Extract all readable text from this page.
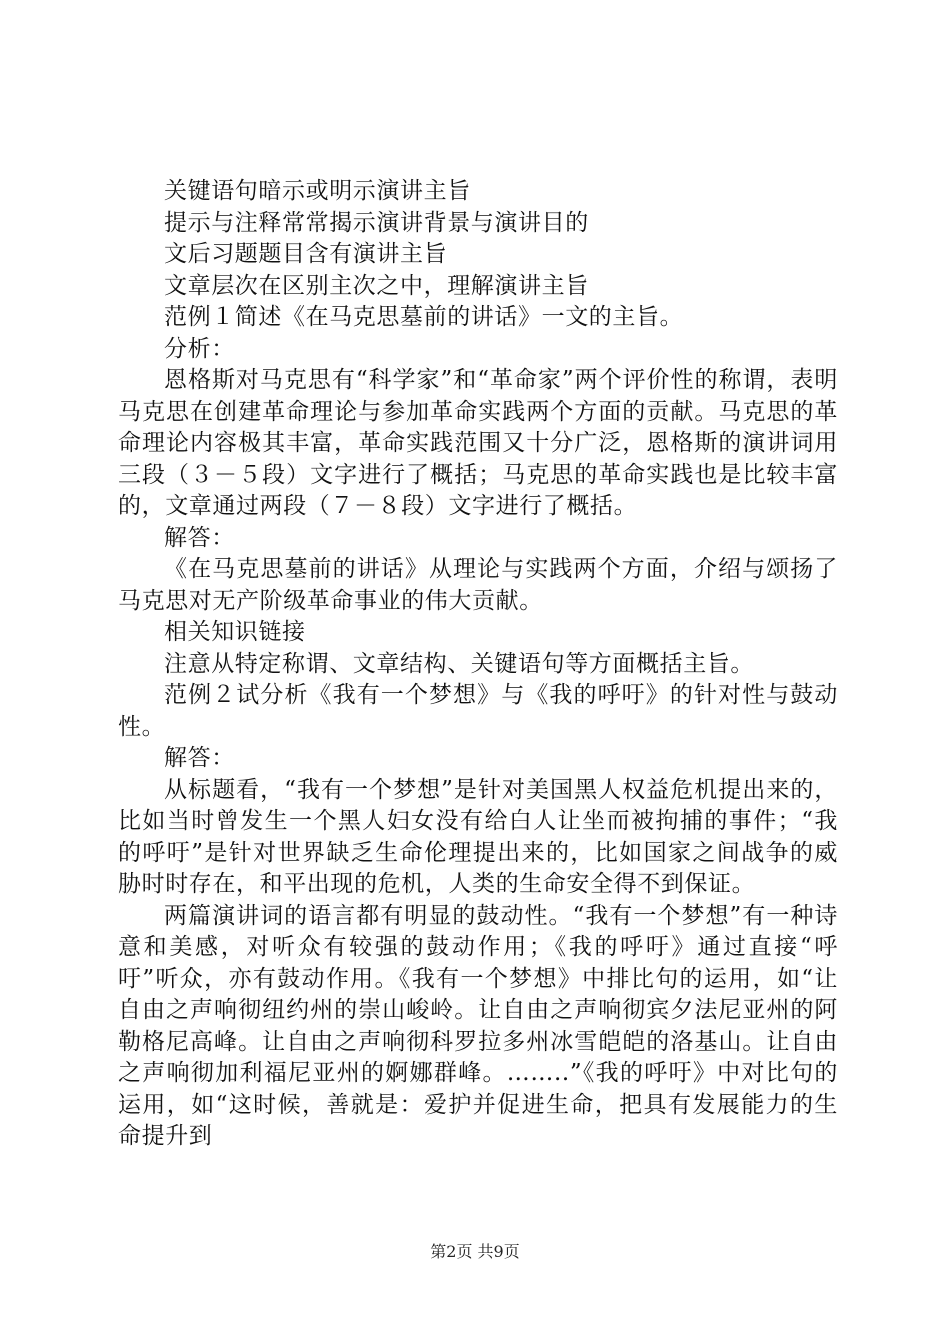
关键语句暗示或明示演讲主旨

提示与注释常常揭示演讲背景与演讲目的

文后习题题目含有演讲主旨

文章层次在区别主次之中，理解演讲主旨

范例１简述《在马克思墓前的讲话》一文的主旨。

分析：

恩格斯对马克思有“科学家”和“革命家”两个评价性的称谓，表明马克思在创建革命理论与参加革命实践两个方面的贡献。马克思的革命理论内容极其丰富，革命实践范围又十分广泛，恩格斯的演讲词用三段（３－５段）文字进行了概括；马克思的革命实践也是比较丰富的，文章通过两段（７－８段）文字进行了概括。

解答：

《在马克思墓前的讲话》从理论与实践两个方面，介绍与颂扬了马克思对无产阶级革命事业的伟大贡献。

相关知识链接

注意从特定称谓、文章结构、关键语句等方面概括主旨。

范例２试分析《我有一个梦想》与《我的呼吁》的针对性与鼓动性。

解答：

从标题看，“我有一个梦想”是针对美国黑人权益危机提出来的，比如当时曾发生一个黑人妇女没有给白人让坐而被拘捕的事件；“我的呼吁”是针对世界缺乏生命伦理提出来的，比如国家之间战争的威胁时时存在，和平出现的危机，人类的生命安全得不到保证。

两篇演讲词的语言都有明显的鼓动性。“我有一个梦想”有一种诗意和美感，对听众有较强的鼓动作用；《我的呼吁》通过直接“呼吁”听众，亦有鼓动作用。《我有一个梦想》中排比句的运用，如“让自由之声响彻纽约州的崇山峻岭。让自由之声响彻宾夕法尼亚州的阿勒格尼高峰。让自由之声响彻科罗拉多州冰雪皑皑的洛基山。让自由之声响彻加利福尼亚州的婀娜群峰。……..”《我的呼吁》中对比句的运用，如“这时候，善就是：爱护并促进生命，把具有发展能力的生命提升到

第2页 共9页
